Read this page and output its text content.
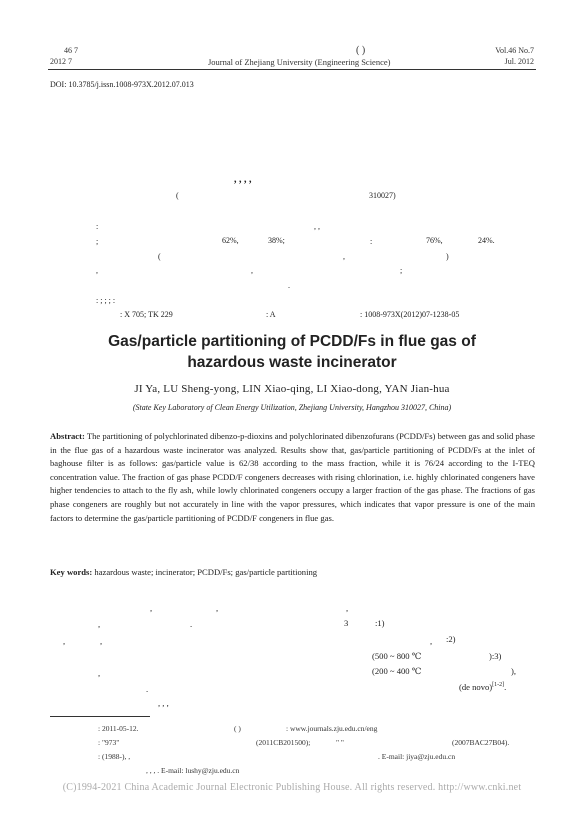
46 7
2012 7
( )
Journal of Zhejiang University (Engineering Science)
Vol.46 No.7
Jul. 2012
DOI: 10.3785/j.issn.1008-973X.2012.07.013
, , , ,
(	310027)
:	, ,
;	62%,	38%;	:	76%,	24%.
(	,	)
,	,	;
.
: ; ; ; :
: X 705; TK 229	: A	: 1008-973X(2012)07-1238-05
Gas/particle partitioning of PCDD/Fs in flue gas of
hazardous waste incinerator
JI Ya, LU Sheng-yong, LIN Xiao-qing, LI Xiao-dong, YAN Jian-hua
(State Key Laboratory of Clean Energy Utilization, Zhejiang University, Hangzhou 310027, China)
Abstract: The partitioning of polychlorinated dibenzo-p-dioxins and polychlorinated dibenzofurans (PCDD/Fs) between gas and solid phase in the flue gas of a hazardous waste incinerator was analyzed. Results show that, gas/particle partitioning of PCDD/Fs at the inlet of baghouse filter is as follows: gas/particle value is 62/38 according to the mass fraction, while it is 76/24 according to the I-TEQ concentration value. The fraction of gas phase PCDD/F congeners decreases with rising chlorination, i.e. highly chlorinated congeners have higher tendencies to attach to the fly ash, while lowly chlorinated congeners occupy a larger fraction of the gas phase. The fractions of gas phase congeners are roughly but not accurately in line with the vapor pressures, which indicates that vapor pressure is one of the main factors to determine the gas/particle partitioning of PCDD/F congeners in flue gas.
Key words: hazardous waste; incinerator; PCDD/Fs; gas/particle partitioning
,	,	,
,	.	3	:1)
,	,	, :2)
(500 ~ 800 ℃	):3)
,	(200 ~ 400 ℃	),
.	(de novo)[1-2].
, , ,
: 2011-05-12.	( )	: www.journals.zju.edu.cn/eng
: "973"	(2011CB201500);	" "	(2007BAC27B04).
: (1988-), ,	. E-mail: jiya@zju.edu.cn
, , , . E-mail: lushy@zju.edu.cn
(C)1994-2021 China Academic Journal Electronic Publishing House. All rights reserved. http://www.cnki.net
